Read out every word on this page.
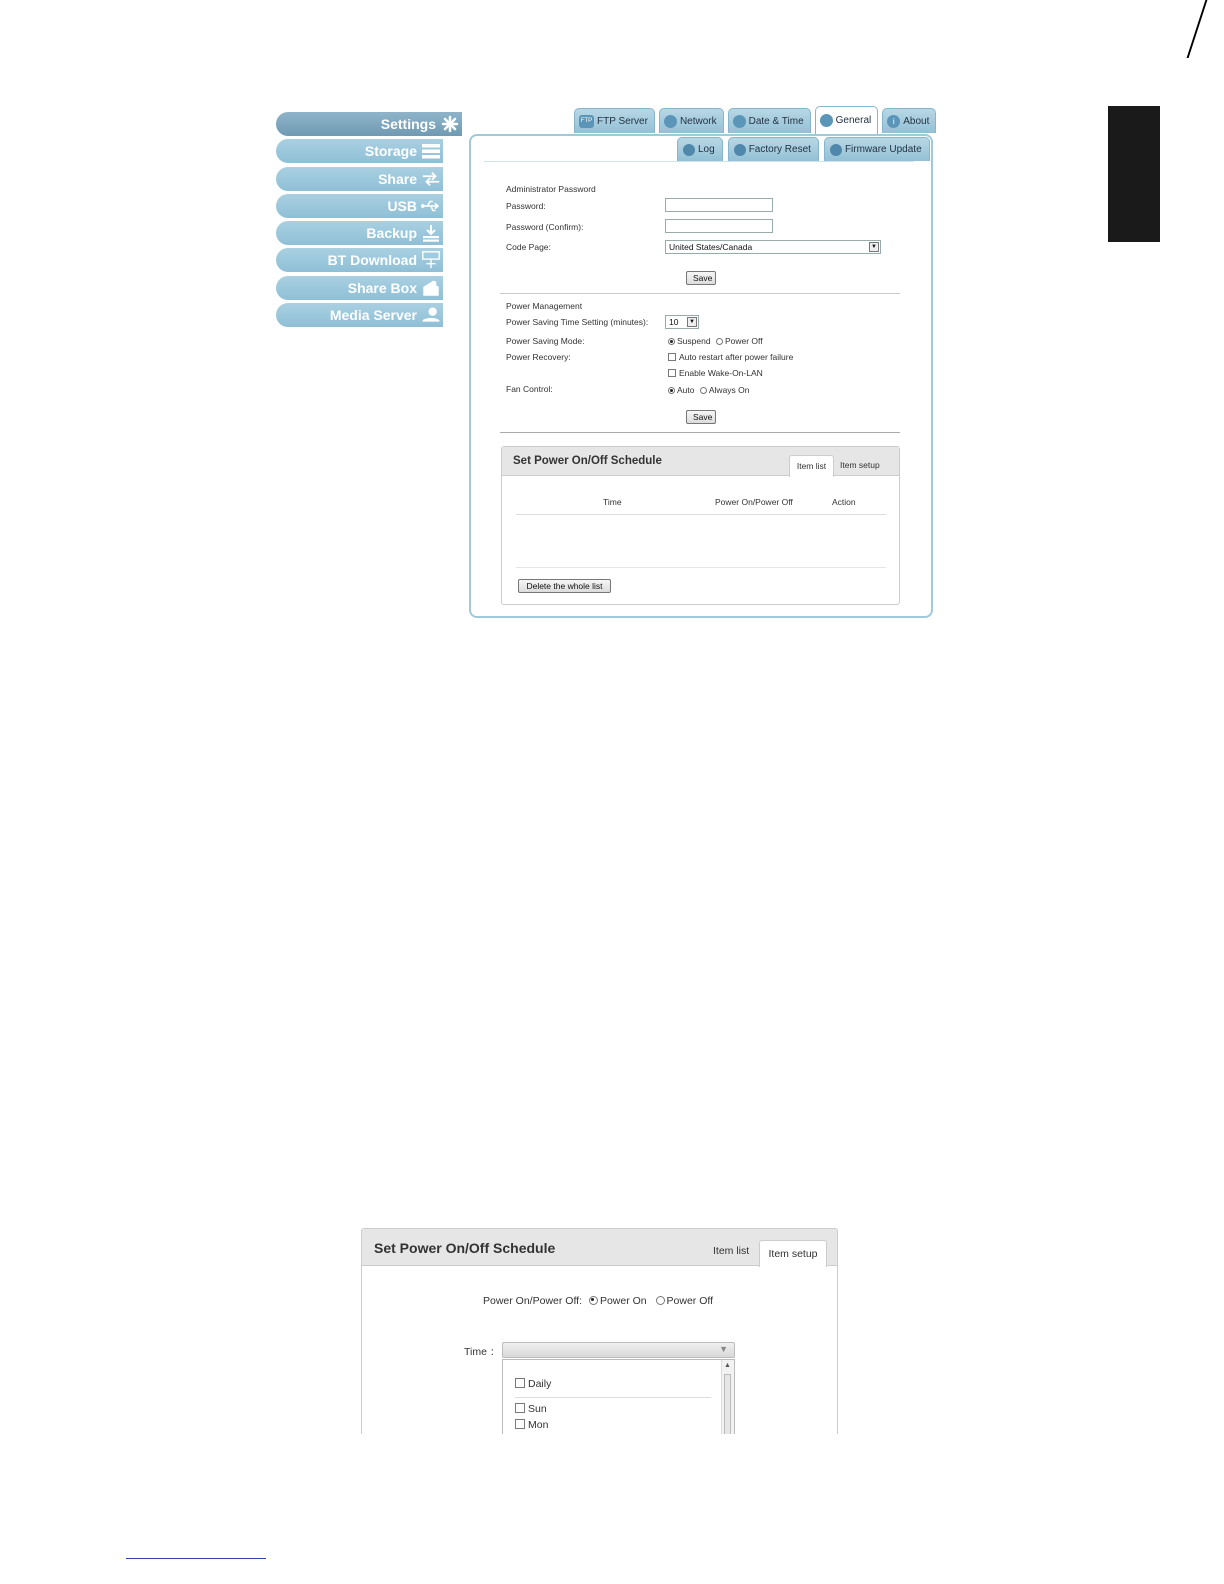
Settings
Storage
Share
USB
Backup
BT Download
Share Box
Media Server
FTP FTP Server	Network	Date & Time	General	i About
Log	Factory Reset	Firmware Update
Administrator Password
Password:
Password (Confirm):
Code Page:	United States/Canada	▼
Save
Power Management
Power Saving Time Setting (minutes):	10	▼
Power Saving Mode:	Suspend Power Off
Power Recovery:	Auto restart after power failure
Enable Wake-On-LAN
Fan Control:	Auto Always On
Save
Set Power On/Off Schedule	Item list	Item setup
Time	Power On/Power Off	Action
Delete the whole list
Set Power On/Off Schedule	Item list	Item setup
Power On/Power Off: Power On Power Off
Time ：	▼
Daily
Sun
Mon
▲
